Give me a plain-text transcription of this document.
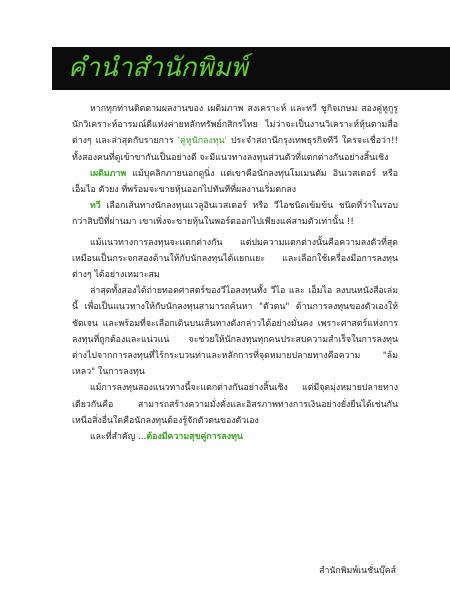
คำนำสำนักพิมพ์

หากทุกท่านติดตามผลงานของ เผดิมภาพ สงเคราะห์ และทวี ชูกิจเกษม สองคู่หูกูรูนักวิเคราะห์อารมณ์ดีแห่งค่ายหลักทรัพย์กสิกรไทย ไม่ว่าจะเป็นงานวิเคราะห์หุ้นตามสื่อต่างๆ และล่าสุดกับรายการ 'คู่หูนักลงทุน' ประจำสถานีกรุงเทพธุรกิจทีวี ใครจะเชื่อว่า!! ทั้งสองคนที่ดูเข้าขากันเป็นอย่างดี จะมีแนวทางลงทุนส่วนตัวที่แตกต่างกันอย่างสิ้นเชิง

เผดิมภาพ แม้บุคลิกภายนอกดูนิ่ง แต่เขาคือนักลงทุนโมเมนตัม อินเวสเตอร์ หรือ เอ็มไอ ตัวยง ที่พร้อมจะขายหุ้นออกไปทันทีที่ผลงานเริ่มตกลง

ทวี เลือกเส้นทางนักลงทุนแวลูอินเวสเตอร์ หรือ วีไอชนิดเข้มข้น ชนิดที่ว่าในรอบกว่าสิบปีที่ผ่านมา เขาเพิ่งจะขายหุ้นในพอร์ตออกไปเพียงแค่สามตัวเท่านั้น !!

แม้แนวทางการลงทุนจะแตกต่างกัน แต่ปมความแตกต่างนั้นคือความลงตัวที่สุด เหมือนเป็นกระจกสองด้านให้กับนักลงทุนได้แยกแยะ และเลือกใช้เครื่องมือการลงทุนต่างๆ ได้อย่างเหมาะสม

ล่าสุดทั้งสองได้ถ่ายทอดศาสตร์ของวีไอลงทุนทั้ง วีไอ และ เอ็มไอ ลงบนหนังสือเล่มนี้ เพื่อเป็นแนวทางให้กับนักลงทุนสามารถค้นหา "ตัวตน" ด้านการลงทุนของตัวเองให้ชัดเจน และพร้อมที่จะเลือกเดินบนเส้นทางดังกล่าวได้อย่างมั่นคง เพราะศาสตร์แห่งการลงทุนที่ถูกต้องและแน่วแน่ จะช่วยให้นักลงทุนทุกคนประสบความสำเร็จในการลงทุน ต่างไปจากการลงทุนที่ไร้กระบวนท่าและหลักการที่จุดหมายปลายทางคือความ "ล้มเหลว" ในการลงทุน

แม้การลงทุนสองแนวทางนี้จะแตกต่างกันอย่างสิ้นเชิง แต่มีจุดมุ่งหมายปลายทางเดียวกันคือ สามารถสร้างความมั่งคั่งและอิสรภาพทางการเงินอย่างยั่งยืนได้เช่นกัน เหนือสิ่งอื่นใดคือนักลงทุนต้องรู้จักตัวตนของตัวเอง

และที่สำคัญ ...ต้องมีความสุขคู่การลงทุน

สำนักพิมพ์เนชั่นบุ๊คส์
